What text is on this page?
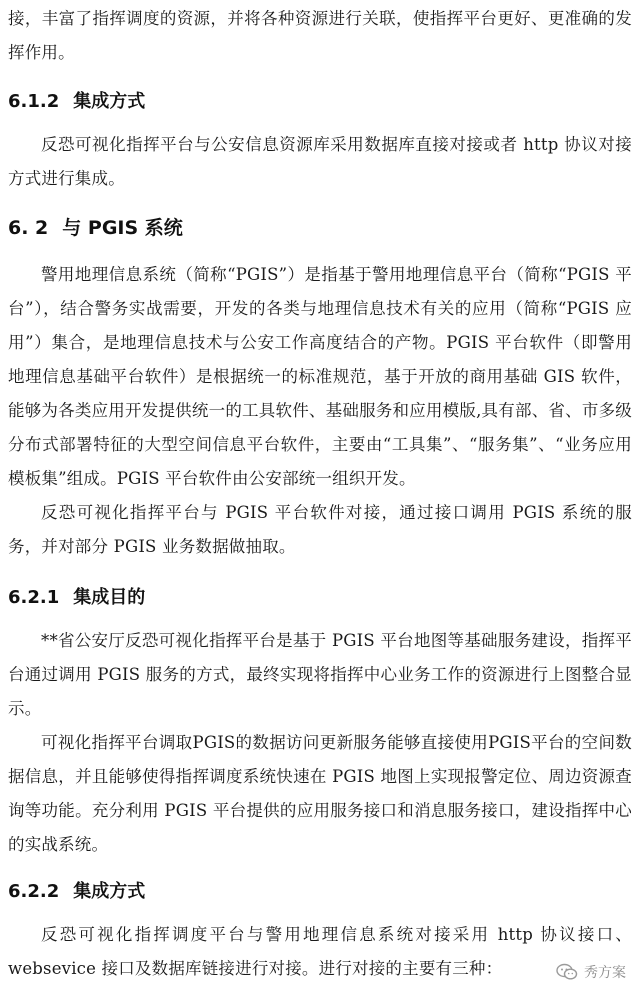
接，丰富了指挥调度的资源，并将各种资源进行关联，使指挥平台更好、更准确的发挥作用。

6.1.2 集成方式

反恐可视化指挥平台与公安信息资源库采用数据库直接对接或者 http 协议对接方式进行集成。

6. 2 与 PGIS 系统

警用地理信息系统（简称“PGIS”）是指基于警用地理信息平台（简称“PGIS 平台”），结合警务实战需要，开发的各类与地理信息技术有关的应用（简称“PGIS 应用”）集合，是地理信息技术与公安工作高度结合的产物。PGIS 平台软件（即警用地理信息基础平台软件）是根据统一的标准规范，基于开放的商用基础 GIS 软件，能够为各类应用开发提供统一的工具软件、基础服务和应用模版,具有部、省、市多级分布式部署特征的大型空间信息平台软件，主要由“工具集”、“服务集”、“业务应用模板集”组成。PGIS 平台软件由公安部统一组织开发。

反恐可视化指挥平台与 PGIS 平台软件对接，通过接口调用 PGIS 系统的服务，并对部分 PGIS 业务数据做抽取。

6.2.1 集成目的

**省公安厅反恐可视化指挥平台是基于 PGIS 平台地图等基础服务建设，指挥平台通过调用 PGIS 服务的方式，最终实现将指挥中心业务工作的资源进行上图整合显示。

可视化指挥平台调取PGIS的数据访问更新服务能够直接使用PGIS平台的空间数据信息，并且能够使得指挥调度系统快速在 PGIS 地图上实现报警定位、周边资源查询等功能。充分利用 PGIS 平台提供的应用服务接口和消息服务接口，建设指挥中心的实战系统。

6.2.2 集成方式

反恐可视化指挥调度平台与警用地理信息系统对接采用 http 协议接口、websevice 接口及数据库链接进行对接。进行对接的主要有三种：	秀方案
